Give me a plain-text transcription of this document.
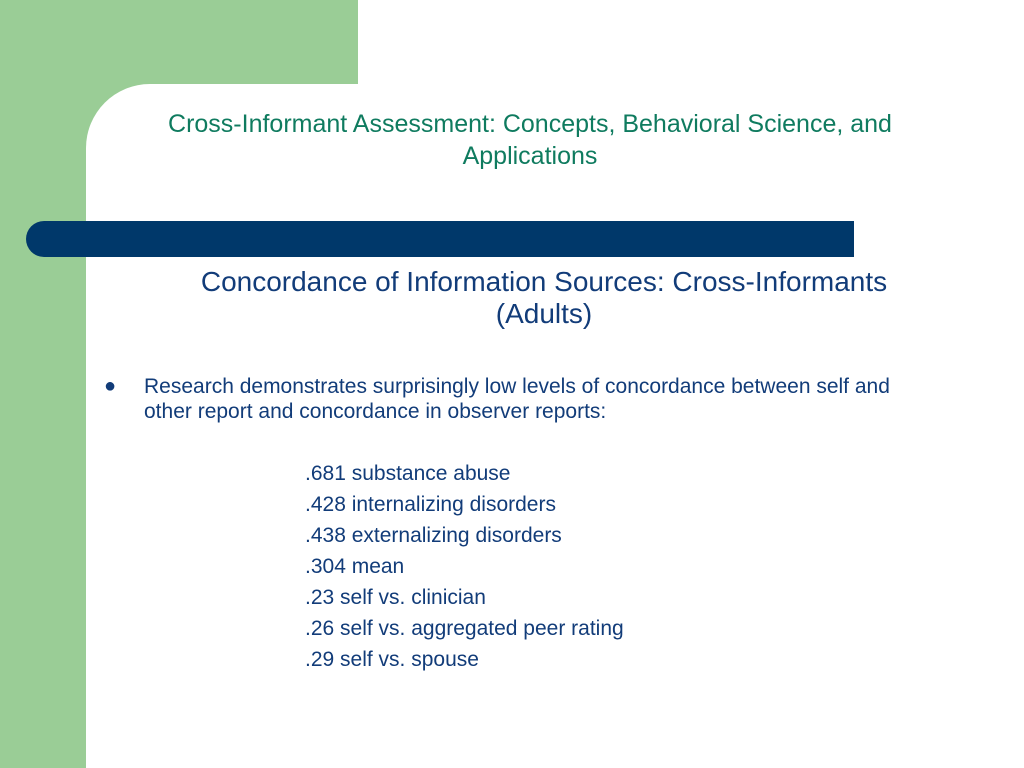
Cross-Informant Assessment: Concepts, Behavioral Science, and Applications
Concordance of Information Sources: Cross-Informants (Adults)
● Research demonstrates surprisingly low levels of concordance between self and other report and concordance in observer reports:
.681 substance abuse
.428 internalizing disorders
.438 externalizing disorders
.304 mean
.23 self vs. clinician
.26 self vs. aggregated peer rating
.29 self vs. spouse
